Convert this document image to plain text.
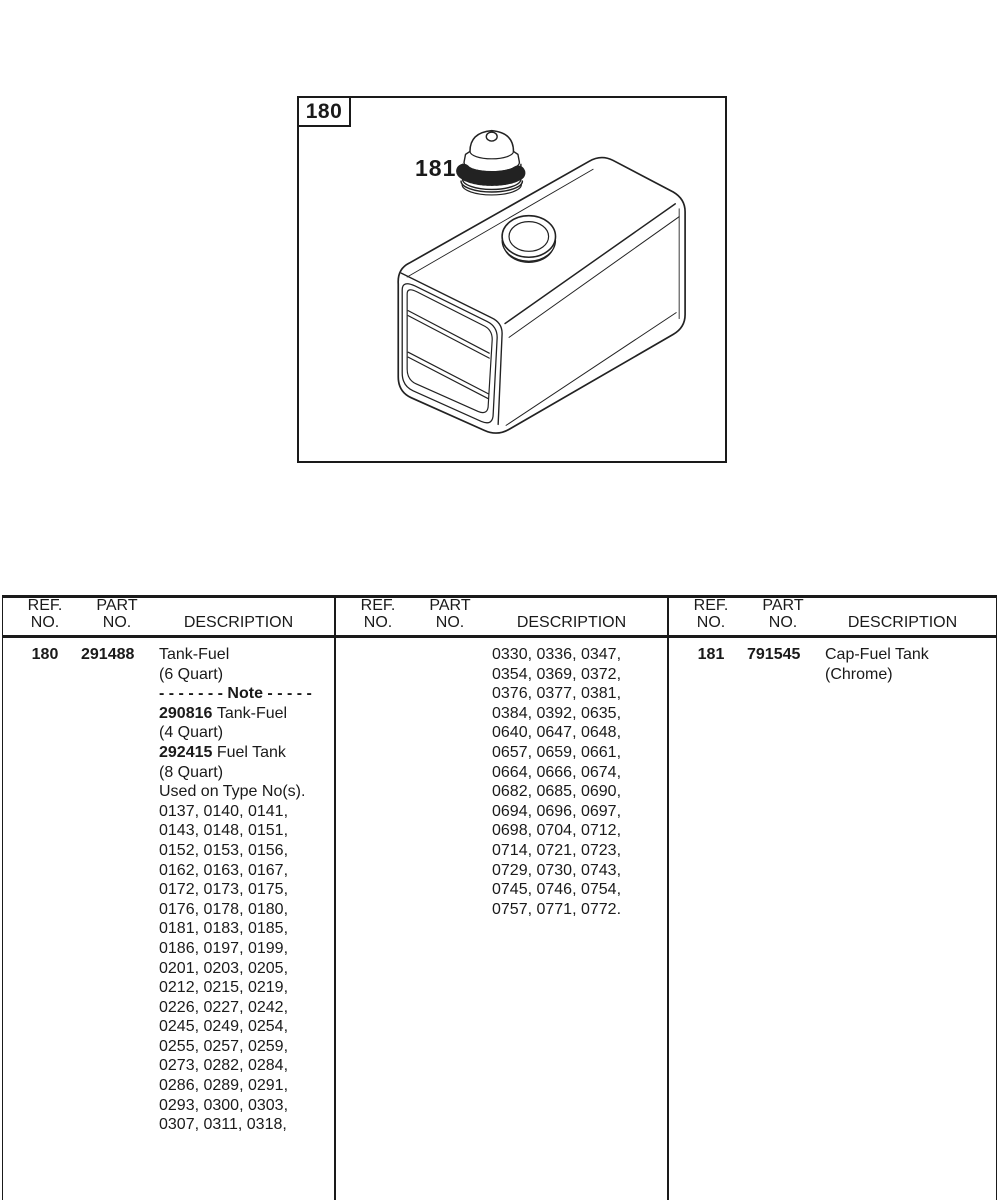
180
181
REF.
NO.
PART
NO.	DESCRIPTION
180	291488	Tank-Fuel
(6 Quart)
- - - - - - - Note - - - - -
290816 Tank-Fuel
(4 Quart)
292415 Fuel Tank
(8 Quart)
Used on Type No(s).
0137, 0140, 0141,
0143, 0148, 0151,
0152, 0153, 0156,
0162, 0163, 0167,
0172, 0173, 0175,
0176, 0178, 0180,
0181, 0183, 0185,
0186, 0197, 0199,
0201, 0203, 0205,
0212, 0215, 0219,
0226, 0227, 0242,
0245, 0249, 0254,
0255, 0257, 0259,
0273, 0282, 0284,
0286, 0289, 0291,
0293, 0300, 0303,
0307, 0311, 0318,
REF.
NO.
PART
NO.	DESCRIPTION
0330, 0336, 0347,
0354, 0369, 0372,
0376, 0377, 0381,
0384, 0392, 0635,
0640, 0647, 0648,
0657, 0659, 0661,
0664, 0666, 0674,
0682, 0685, 0690,
0694, 0696, 0697,
0698, 0704, 0712,
0714, 0721, 0723,
0729, 0730, 0743,
0745, 0746, 0754,
0757, 0771, 0772.
REF.
NO.
PART
NO.	DESCRIPTION
181	791545	Cap-Fuel Tank
(Chrome)
